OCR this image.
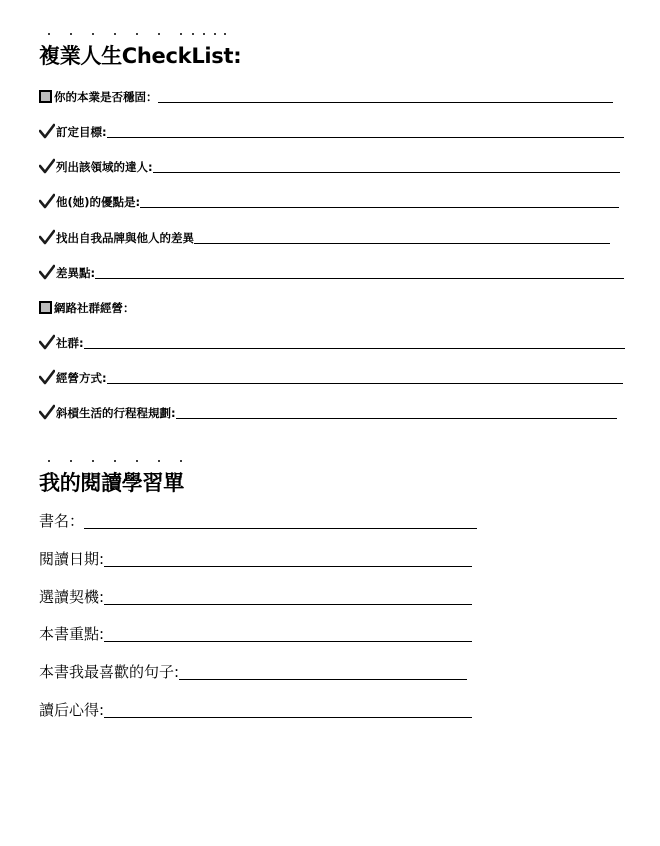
複業人生CheckList:
你的本業是否穩固：
訂定目標:
列出該領域的達人:
他(她)的優點是:
找出自我品牌與他人的差異
差異點:
網路社群經營：
社群:
經營方式:
斜槓生活的行程程規劃:
我的閱讀學習單
書名：
閱讀日期:
選讀契機:
本書重點:
本書我最喜歡的句子:
讀后心得:
